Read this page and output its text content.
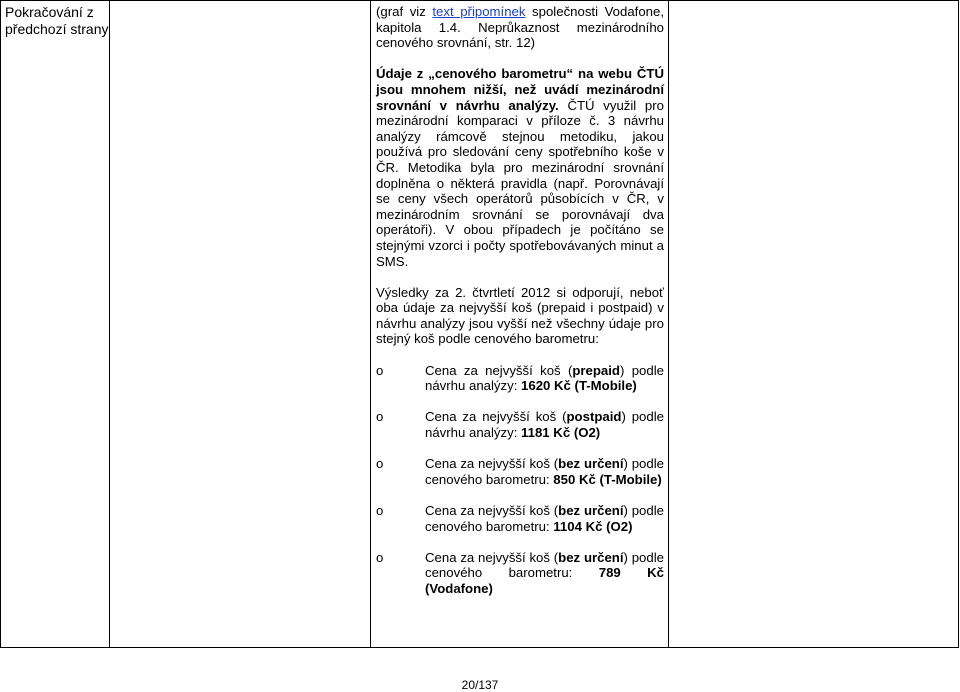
Pokračování z předchozí strany

(graf viz text připomínek společnosti Vodafone, kapitola 1.4. Neprůkaznost mezinárodního cenového srovnání, str. 12)

Údaje z „cenového barometru“ na webu ČTÚ jsou mnohem nižší, než uvádí mezinárodní srovnání v návrhu analýzy. ČTÚ využil pro mezinárodní komparaci v příloze č. 3 návrhu analýzy rámcově stejnou metodiku, jakou používá pro sledování ceny spotřebního koše v ČR. Metodika byla pro mezinárodní srovnání doplněna o některá pravidla (např. Porovnávají se ceny všech operátorů působících v ČR, v mezinárodním srovnání se porovnávají dva operátoři). V obou případech je počítáno se stejnými vzorci i počty spotřebovávaných minut a SMS.

Výsledky za 2. čtvrtletí 2012 si odporují, neboť oba údaje za nejvyšší koš (prepaid i postpaid) v návrhu analýzy jsou vyšší než všechny údaje pro stejný koš podle cenového barometru:

o	Cena za nejvyšší koš (prepaid) podle návrhu analýzy: 1620 Kč (T-Mobile)
o	Cena za nejvyšší koš (postpaid) podle návrhu analýzy: 1181 Kč (O2)
o	Cena za nejvyšší koš (bez určení) podle cenového barometru: 850 Kč (T-Mobile)
o	Cena za nejvyšší koš (bez určení) podle cenového barometru: 1104 Kč (O2)
o	Cena za nejvyšší koš (bez určení) podle cenového barometru: 789 Kč (Vodafone)

20/137
